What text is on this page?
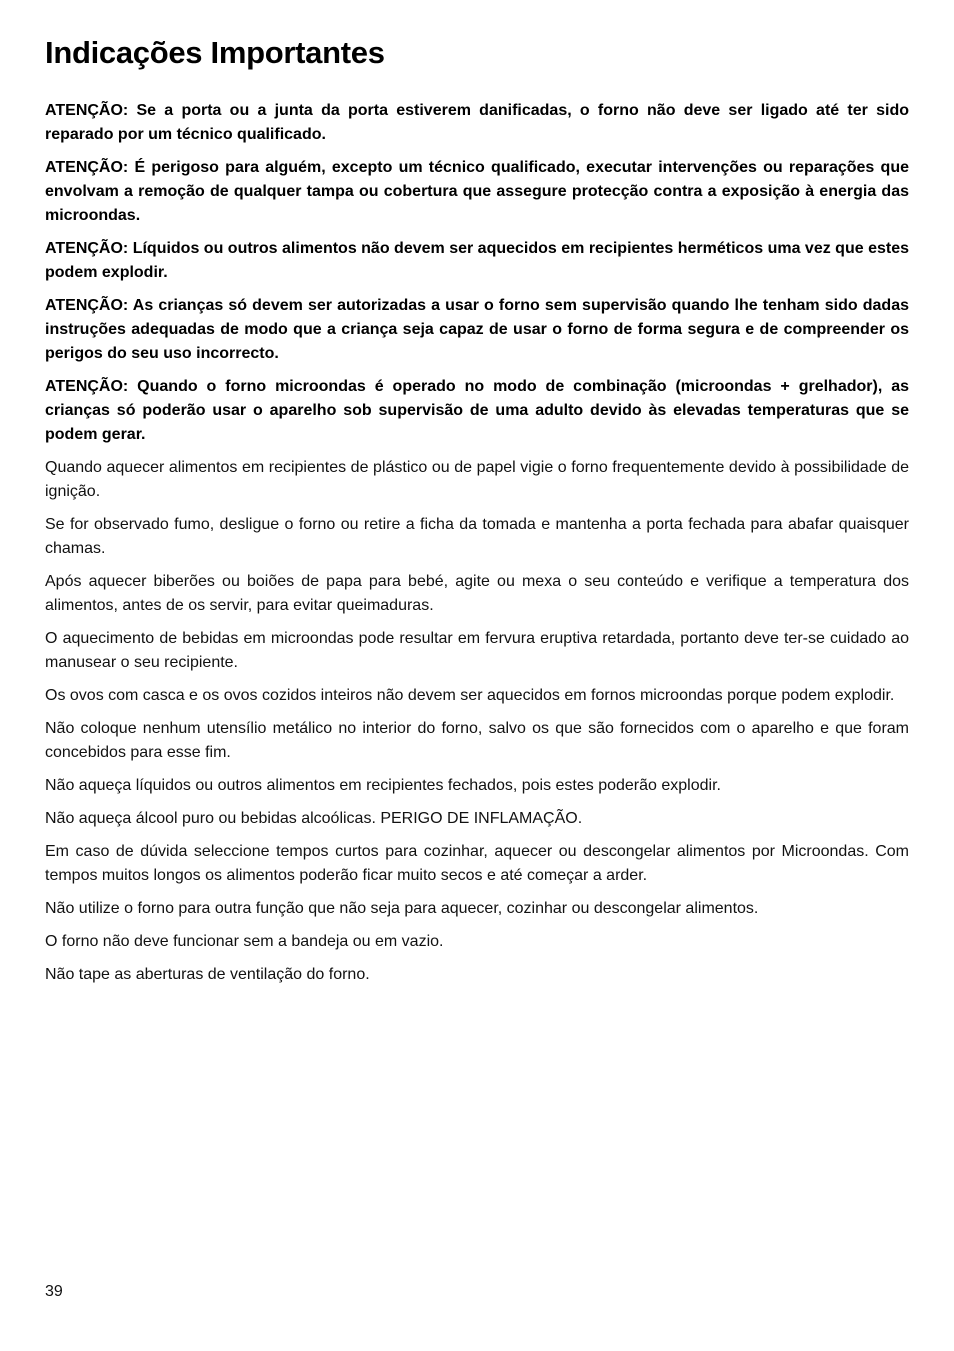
Indicações Importantes

ATENÇÃO: Se a porta ou a junta da porta estiverem danificadas, o forno não deve ser ligado até ter sido reparado por um técnico qualificado.

ATENÇÃO: É perigoso para alguém, excepto um técnico qualificado, executar intervenções ou reparações que envolvam a remoção de qualquer tampa ou cobertura que assegure protecção contra a exposição à energia das microondas.

ATENÇÃO: Líquidos ou outros alimentos não devem ser aquecidos em recipientes herméticos uma vez que estes podem explodir.

ATENÇÃO: As crianças só devem ser autorizadas a usar o forno sem supervisão quando lhe tenham sido dadas instruções adequadas de modo que a criança seja capaz de usar o forno de forma segura e de compreender os perigos do seu uso incorrecto.

ATENÇÃO: Quando o forno microondas é operado no modo de combinação (microondas + grelhador), as crianças só poderão usar o aparelho sob supervisão de uma adulto devido às elevadas temperaturas que se podem gerar.

Quando aquecer alimentos em recipientes de plástico ou de papel vigie o forno frequentemente devido à possibilidade de ignição.

Se for observado fumo, desligue o forno ou retire a ficha da tomada e mantenha a porta fechada para abafar quaisquer chamas.

Após aquecer biberões ou boiões de papa para bebé, agite ou mexa o seu conteúdo e verifique a temperatura dos alimentos, antes de os servir, para evitar queimaduras.

O aquecimento de bebidas em microondas pode resultar em fervura eruptiva retardada, portanto deve ter-se cuidado ao manusear o seu recipiente.

Os ovos com casca e os ovos cozidos inteiros não devem ser aquecidos em fornos microondas porque podem explodir.

Não coloque nenhum utensílio metálico no interior do forno, salvo os que são fornecidos com o aparelho e que foram concebidos para esse fim.

Não aqueça líquidos ou outros alimentos em recipientes fechados, pois estes poderão explodir.

Não aqueça álcool puro ou bebidas alcoólicas. PERIGO DE INFLAMAÇÃO.

Em caso de dúvida seleccione tempos curtos para cozinhar, aquecer ou descongelar alimentos por Microondas. Com tempos muitos longos os alimentos poderão ficar muito secos e até começar a arder.

Não utilize o forno para outra função que não seja para aquecer, cozinhar ou descongelar alimentos.

O forno não deve funcionar sem a bandeja ou em vazio.

Não tape as aberturas de ventilação do forno.

39
